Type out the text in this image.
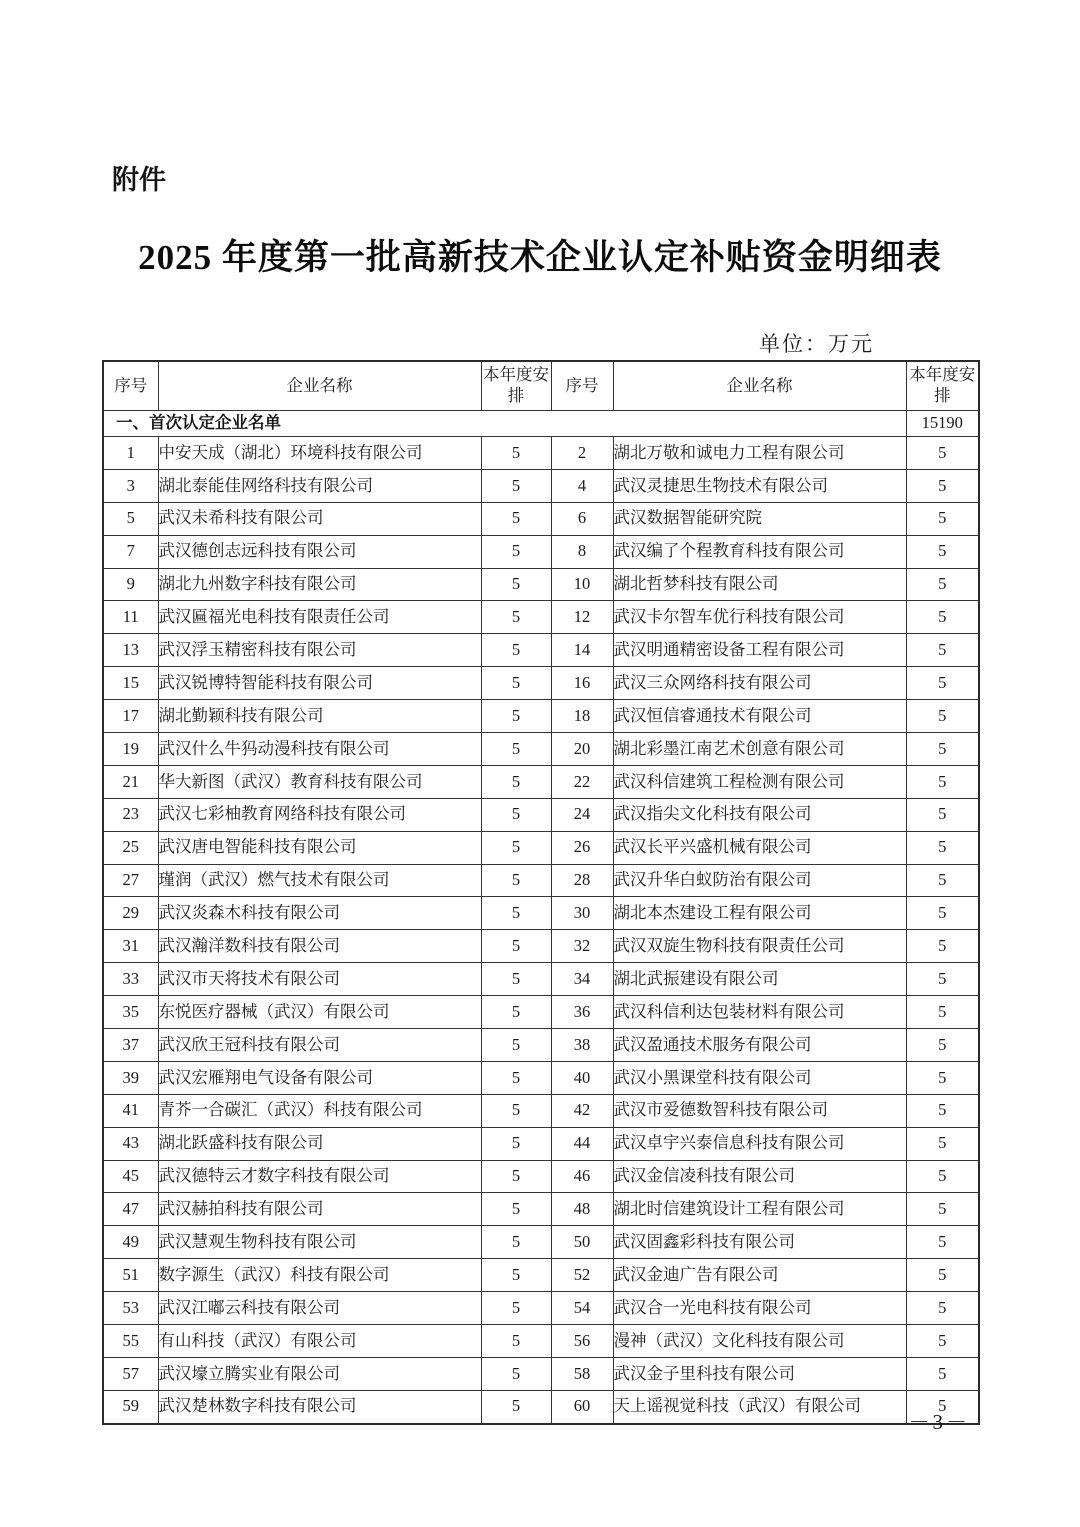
附件
2025 年度第一批高新技术企业认定补贴资金明细表
单位：万元
序号	企业名称	本年度安排	序号	企业名称	本年度安排
一、首次认定企业名单					15190
1	中安天成（湖北）环境科技有限公司	5	2	湖北万敬和诚电力工程有限公司	5
3	湖北泰能佳网络科技有限公司	5	4	武汉灵捷思生物技术有限公司	5
5	武汉未希科技有限公司	5	6	武汉数据智能研究院	5
7	武汉德创志远科技有限公司	5	8	武汉编了个程教育科技有限公司	5
9	湖北九州数字科技有限公司	5	10	湖北哲梦科技有限公司	5
11	武汉匾福光电科技有限责任公司	5	12	武汉卡尔智车优行科技有限公司	5
13	武汉浮玉精密科技有限公司	5	14	武汉明通精密设备工程有限公司	5
15	武汉锐博特智能科技有限公司	5	16	武汉三众网络科技有限公司	5
17	湖北勤颖科技有限公司	5	18	武汉恒信睿通技术有限公司	5
19	武汉什么牛犸动漫科技有限公司	5	20	湖北彩墨江南艺术创意有限公司	5
21	华大新图（武汉）教育科技有限公司	5	22	武汉科信建筑工程检测有限公司	5
23	武汉七彩柚教育网络科技有限公司	5	24	武汉指尖文化科技有限公司	5
25	武汉唐电智能科技有限公司	5	26	武汉长平兴盛机械有限公司	5
27	瑾润（武汉）燃气技术有限公司	5	28	武汉升华白蚁防治有限公司	5
29	武汉炎森木科技有限公司	5	30	湖北本杰建设工程有限公司	5
31	武汉瀚洋数科技有限公司	5	32	武汉双旋生物科技有限责任公司	5
33	武汉市天将技术有限公司	5	34	湖北武振建设有限公司	5
35	东悦医疗器械（武汉）有限公司	5	36	武汉科信利达包装材料有限公司	5
37	武汉欣王冠科技有限公司	5	38	武汉盈通技术服务有限公司	5
39	武汉宏雁翔电气设备有限公司	5	40	武汉小黑课堂科技有限公司	5
41	青芥一合碳汇（武汉）科技有限公司	5	42	武汉市爱德数智科技有限公司	5
43	湖北跃盛科技有限公司	5	44	武汉卓宇兴泰信息科技有限公司	5
45	武汉德特云才数字科技有限公司	5	46	武汉金信凌科技有限公司	5
47	武汉赫拍科技有限公司	5	48	湖北时信建筑设计工程有限公司	5
49	武汉慧观生物科技有限公司	5	50	武汉固鑫彩科技有限公司	5
51	数字源生（武汉）科技有限公司	5	52	武汉金迪广告有限公司	5
53	武汉江嘟云科技有限公司	5	54	武汉合一光电科技有限公司	5
55	有山科技（武汉）有限公司	5	56	漫神（武汉）文化科技有限公司	5
57	武汉壕立腾实业有限公司	5	58	武汉金子里科技有限公司	5
59	武汉楚林数字科技有限公司	5	60	天上谣视觉科技（武汉）有限公司	5
－3－
